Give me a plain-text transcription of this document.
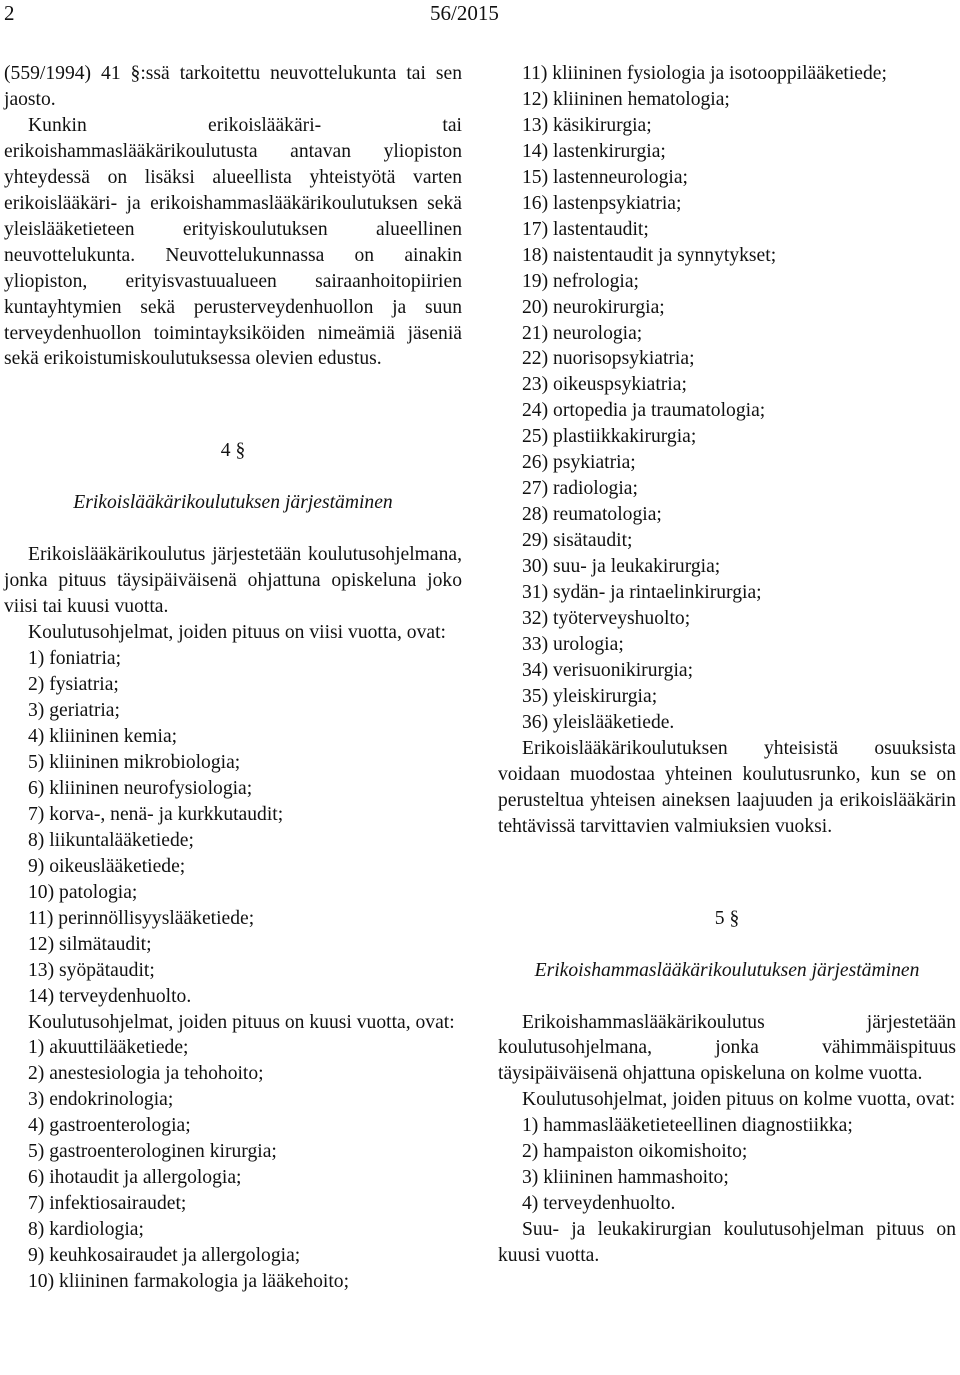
2	56/2015

(559/1994) 41 §:ssä tarkoitettu neuvottelukunta tai sen jaosto.

Kunkin erikoislääkäri- tai erikoishammaslääkärikoulutusta antavan yliopiston yhteydessä on lisäksi alueellista yhteistyötä varten erikoislääkäri- ja erikoishammaslääkärikoulutuksen sekä yleislääketieteen erityiskoulutuksen alueellinen neuvottelukunta. Neuvottelukunnassa on ainakin yliopiston, erityisvastuualueen sairaanhoitopiirien kuntayhtymien sekä perusterveydenhuollon ja suun terveydenhuollon toimintayksiköiden nimeämiä jäseniä sekä erikoistumiskoulutuksessa olevien edustus.

4 §

Erikoislääkärikoulutuksen järjestäminen

Erikoislääkärikoulutus järjestetään koulutusohjelmana, jonka pituus täysipäiväisenä ohjattuna opiskeluna joko viisi tai kuusi vuotta.

Koulutusohjelmat, joiden pituus on viisi vuotta, ovat:

1) foniatria;
2) fysiatria;
3) geriatria;
4) kliininen kemia;
5) kliininen mikrobiologia;
6) kliininen neurofysiologia;
7) korva-, nenä- ja kurkkutaudit;
8) liikuntalääketiede;
9) oikeuslääketiede;
10) patologia;
11) perinnöllisyyslääketiede;
12) silmätaudit;
13) syöpätaudit;
14) terveydenhuolto.

Koulutusohjelmat, joiden pituus on kuusi vuotta, ovat:

1) akuuttilääketiede;
2) anestesiologia ja tehohoito;
3) endokrinologia;
4) gastroenterologia;
5) gastroenterologinen kirurgia;
6) ihotaudit ja allergologia;
7) infektiosairaudet;
8) kardiologia;
9) keuhkosairaudet ja allergologia;
10) kliininen farmakologia ja lääkehoito;
11) kliininen fysiologia ja isotooppilääketiede;
12) kliininen hematologia;
13) käsikirurgia;
14) lastenkirurgia;
15) lastenneurologia;
16) lastenpsykiatria;
17) lastentaudit;
18) naistentaudit ja synnytykset;
19) nefrologia;
20) neurokirurgia;
21) neurologia;
22) nuorisopsykiatria;
23) oikeuspsykiatria;
24) ortopedia ja traumatologia;
25) plastiikkakirurgia;
26) psykiatria;
27) radiologia;
28) reumatologia;
29) sisätaudit;
30) suu- ja leukakirurgia;
31) sydän- ja rintaelinkirurgia;
32) työterveyshuolto;
33) urologia;
34) verisuonikirurgia;
35) yleiskirurgia;
36) yleislääketiede.

Erikoislääkärikoulutuksen yhteisistä osuuksista voidaan muodostaa yhteinen koulutusrunko, kun se on perusteltua yhteisen aineksen laajuuden ja erikoislääkärin tehtävissä tarvittavien valmiuksien vuoksi.

5 §

Erikoishammaslääkärikoulutuksen järjestäminen

Erikoishammaslääkärikoulutus järjestetään koulutusohjelmana, jonka vähimmäispituus täysipäiväisenä ohjattuna opiskeluna on kolme vuotta.

Koulutusohjelmat, joiden pituus on kolme vuotta, ovat:

1) hammaslääketieteellinen diagnostiikka;
2) hampaiston oikomishoito;
3) kliininen hammashoito;
4) terveydenhuolto.

Suu- ja leukakirurgian koulutusohjelman pituus on kuusi vuotta.
